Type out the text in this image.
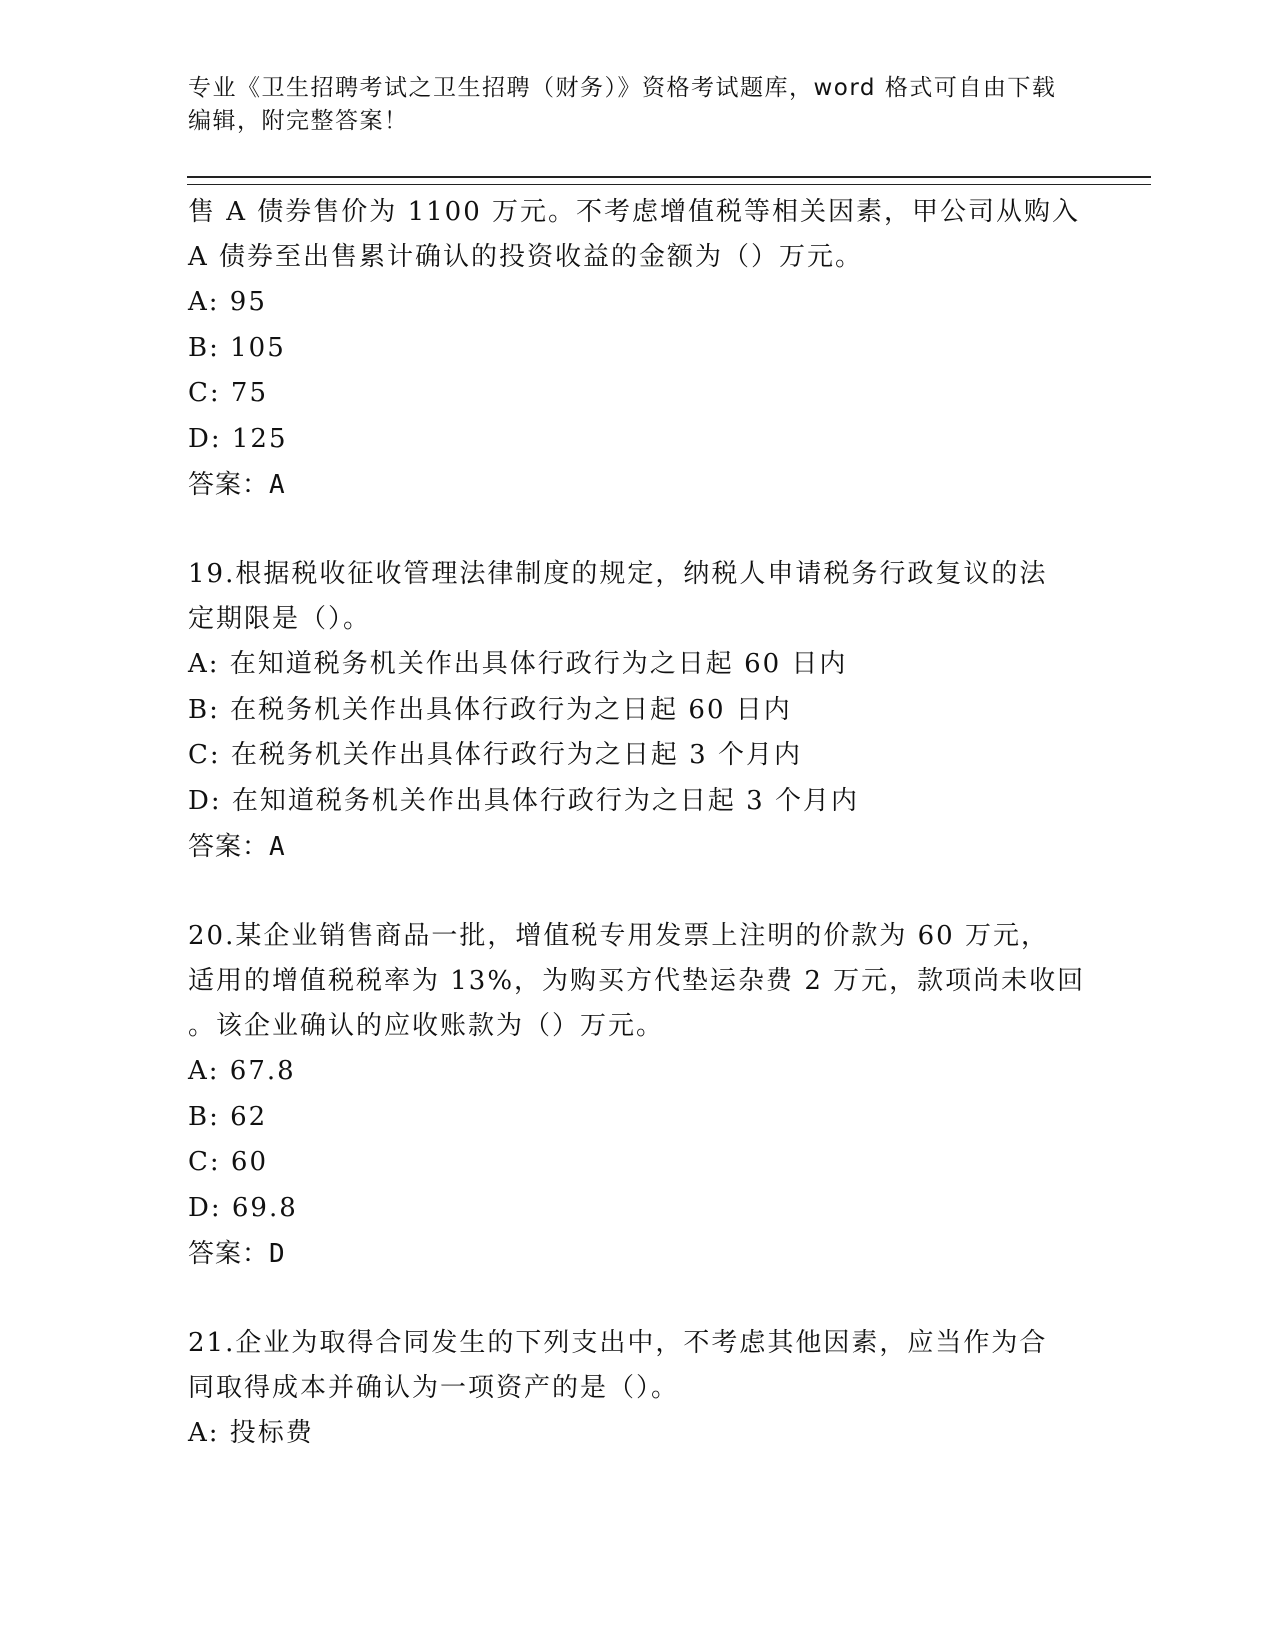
专业《卫生招聘考试之卫生招聘（财务）》资格考试题库，word 格式可自由下载
编辑，附完整答案！

售 A 债券售价为 1100 万元。不考虑增值税等相关因素，甲公司从购入

A 债券至出售累计确认的投资收益的金额为（）万元。

A: 95

B: 105

C: 75

D: 125

答案：A

19.根据税收征收管理法律制度的规定，纳税人申请税务行政复议的法

定期限是（）。

A: 在知道税务机关作出具体行政行为之日起 60 日内

B: 在税务机关作出具体行政行为之日起 60 日内

C: 在税务机关作出具体行政行为之日起 3 个月内

D: 在知道税务机关作出具体行政行为之日起 3 个月内

答案：A

20.某企业销售商品一批，增值税专用发票上注明的价款为 60 万元，

适用的增值税税率为 13%，为购买方代垫运杂费 2 万元，款项尚未收回

。该企业确认的应收账款为（）万元。

A: 67.8

B: 62

C: 60

D: 69.8

答案：D

21.企业为取得合同发生的下列支出中，不考虑其他因素，应当作为合

同取得成本并确认为一项资产的是（）。

A: 投标费
